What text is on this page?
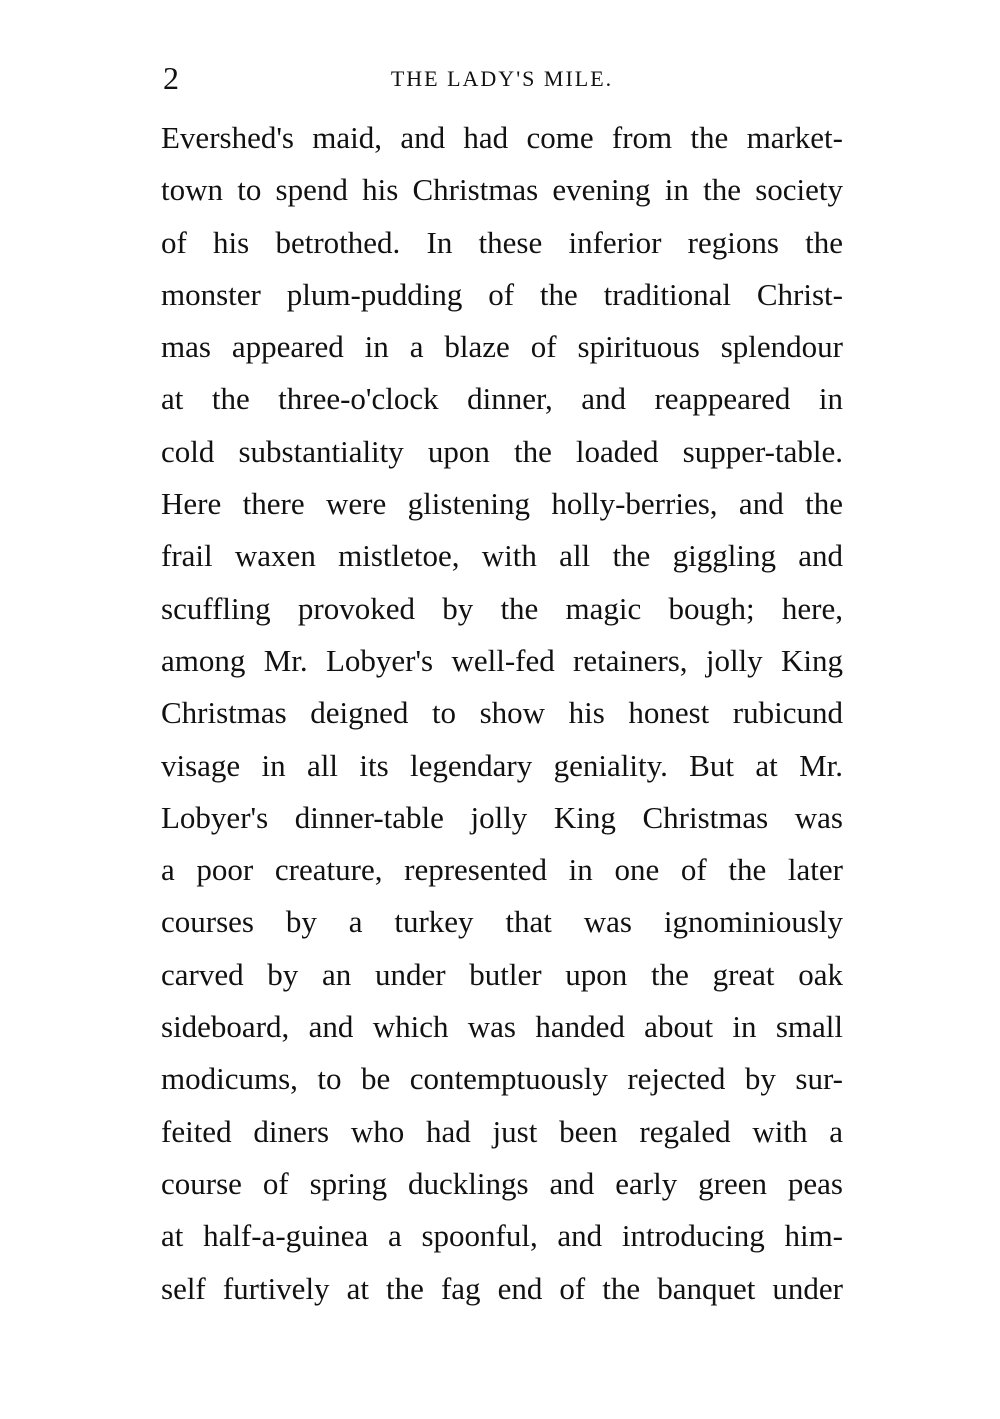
2	THE LADY'S MILE.
Evershed's maid, and had come from the market-
town to spend his Christmas evening in the society
of his betrothed. In these inferior regions the
monster plum-pudding of the traditional Christ-
mas appeared in a blaze of spirituous splendour
at the three-o'clock dinner, and reappeared in
cold substantiality upon the loaded supper-table.
Here there were glistening holly-berries, and the
frail waxen mistletoe, with all the giggling and
scuffling provoked by the magic bough; here,
among Mr. Lobyer's well-fed retainers, jolly King
Christmas deigned to show his honest rubicund
visage in all its legendary geniality. But at Mr.
Lobyer's dinner-table jolly King Christmas was
a poor creature, represented in one of the later
courses by a turkey that was ignominiously
carved by an under butler upon the great oak
sideboard, and which was handed about in small
modicums, to be contemptuously rejected by sur-
feited diners who had just been regaled with a
course of spring ducklings and early green peas
at half-a-guinea a spoonful, and introducing him-
self furtively at the fag end of the banquet under
